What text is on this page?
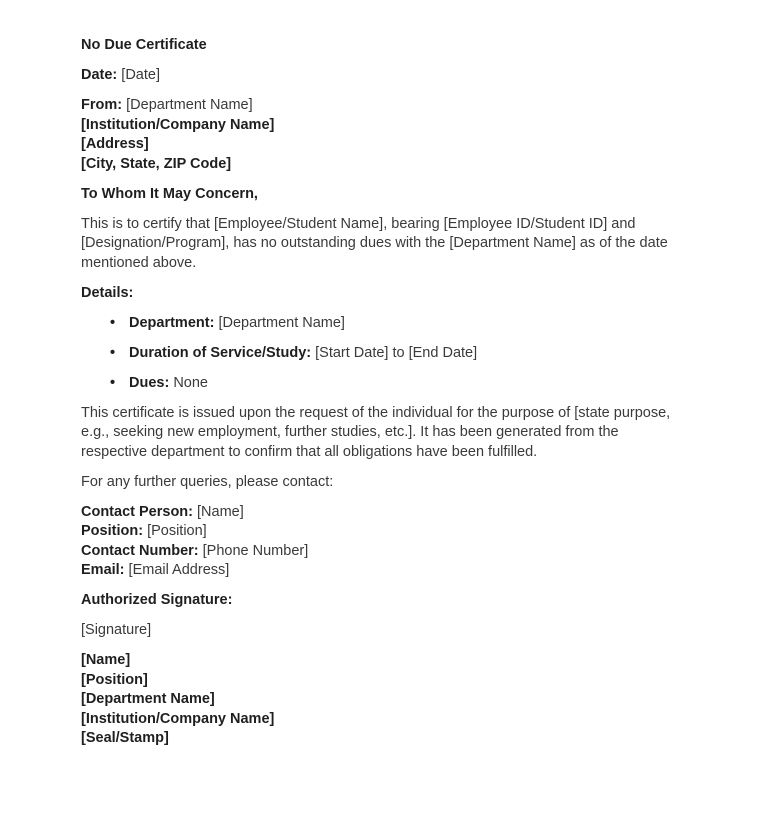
No Due Certificate

Date: [Date]

From: [Department Name]
[Institution/Company Name]
[Address]
[City, State, ZIP Code]

To Whom It May Concern,

This is to certify that [Employee/Student Name], bearing [Employee ID/Student ID] and [Designation/Program], has no outstanding dues with the [Department Name] as of the date mentioned above.

Details:

• Department: [Department Name]
• Duration of Service/Study: [Start Date] to [End Date]
• Dues: None

This certificate is issued upon the request of the individual for the purpose of [state purpose, e.g., seeking new employment, further studies, etc.]. It has been generated from the respective department to confirm that all obligations have been fulfilled.

For any further queries, please contact:

Contact Person: [Name]
Position: [Position]
Contact Number: [Phone Number]
Email: [Email Address]

Authorized Signature:

[Signature]

[Name]
[Position]
[Department Name]
[Institution/Company Name]
[Seal/Stamp]
